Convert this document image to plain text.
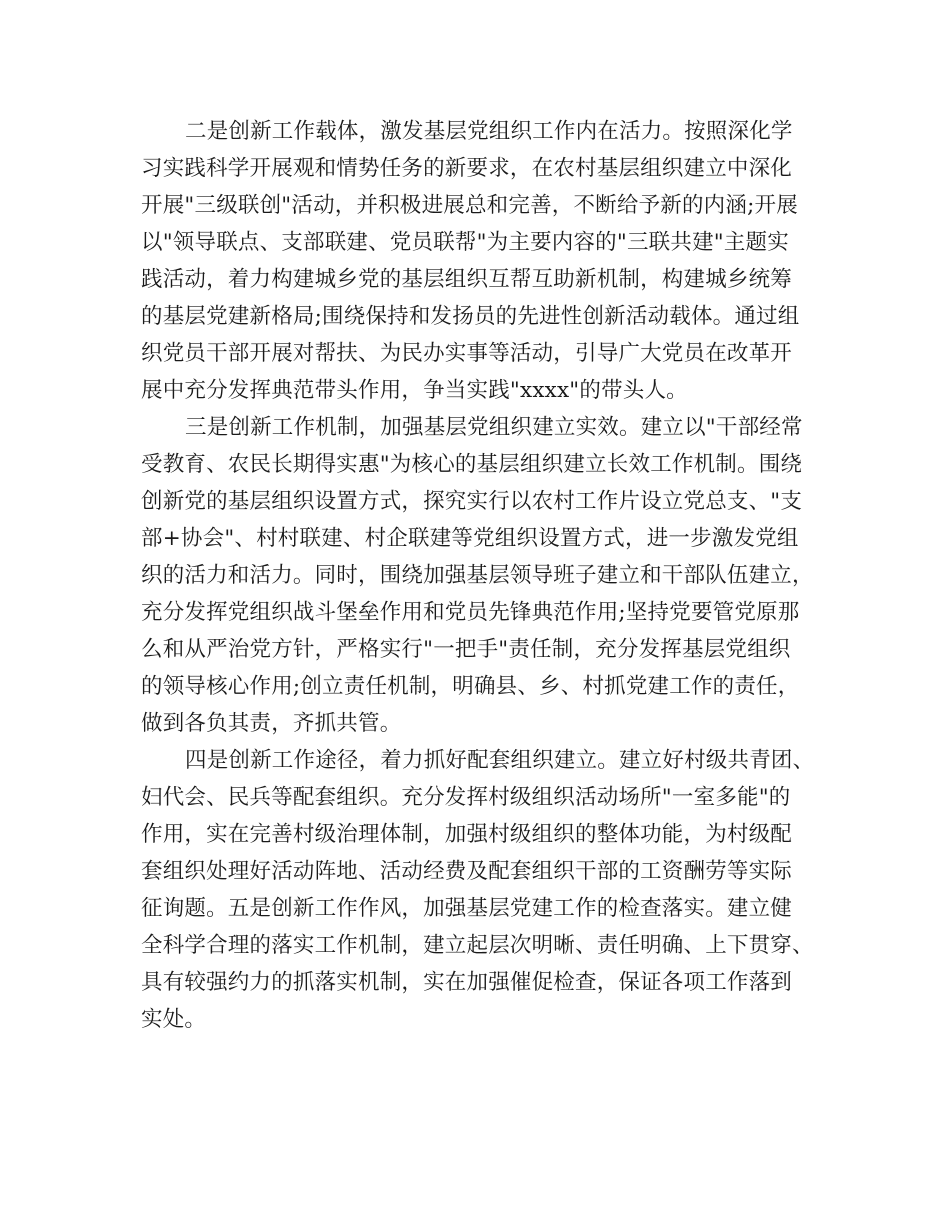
二是创新工作载体，激发基层党组织工作内在活力。按照深化学
习实践科学开展观和情势任务的新要求，在农村基层组织建立中深化
开展"三级联创"活动，并积极进展总和完善，不断给予新的内涵;开展
以"领导联点、支部联建、党员联帮"为主要内容的"三联共建"主题实
践活动，着力构建城乡党的基层组织互帮互助新机制，构建城乡统筹
的基层党建新格局;围绕保持和发扬员的先进性创新活动载体。通过组
织党员干部开展对帮扶、为民办实事等活动，引导广大党员在改革开
展中充分发挥典范带头作用，争当实践"xxxx"的带头人。
三是创新工作机制，加强基层党组织建立实效。建立以"干部经常
受教育、农民长期得实惠"为核心的基层组织建立长效工作机制。围绕
创新党的基层组织设置方式，探究实行以农村工作片设立党总支、"支
部+协会"、村村联建、村企联建等党组织设置方式，进一步激发党组
织的活力和活力。同时，围绕加强基层领导班子建立和干部队伍建立，
充分发挥党组织战斗堡垒作用和党员先锋典范作用;坚持党要管党原那
么和从严治党方针，严格实行"一把手"责任制，充分发挥基层党组织
的领导核心作用;创立责任机制，明确县、乡、村抓党建工作的责任，
做到各负其责，齐抓共管。
四是创新工作途径，着力抓好配套组织建立。建立好村级共青团、
妇代会、民兵等配套组织。充分发挥村级组织活动场所"一室多能"的
作用，实在完善村级治理体制，加强村级组织的整体功能，为村级配
套组织处理好活动阵地、活动经费及配套组织干部的工资酬劳等实际
征询题。五是创新工作作风，加强基层党建工作的检查落实。建立健
全科学合理的落实工作机制，建立起层次明晰、责任明确、上下贯穿、
具有较强约力的抓落实机制，实在加强催促检查，保证各项工作落到
实处。
